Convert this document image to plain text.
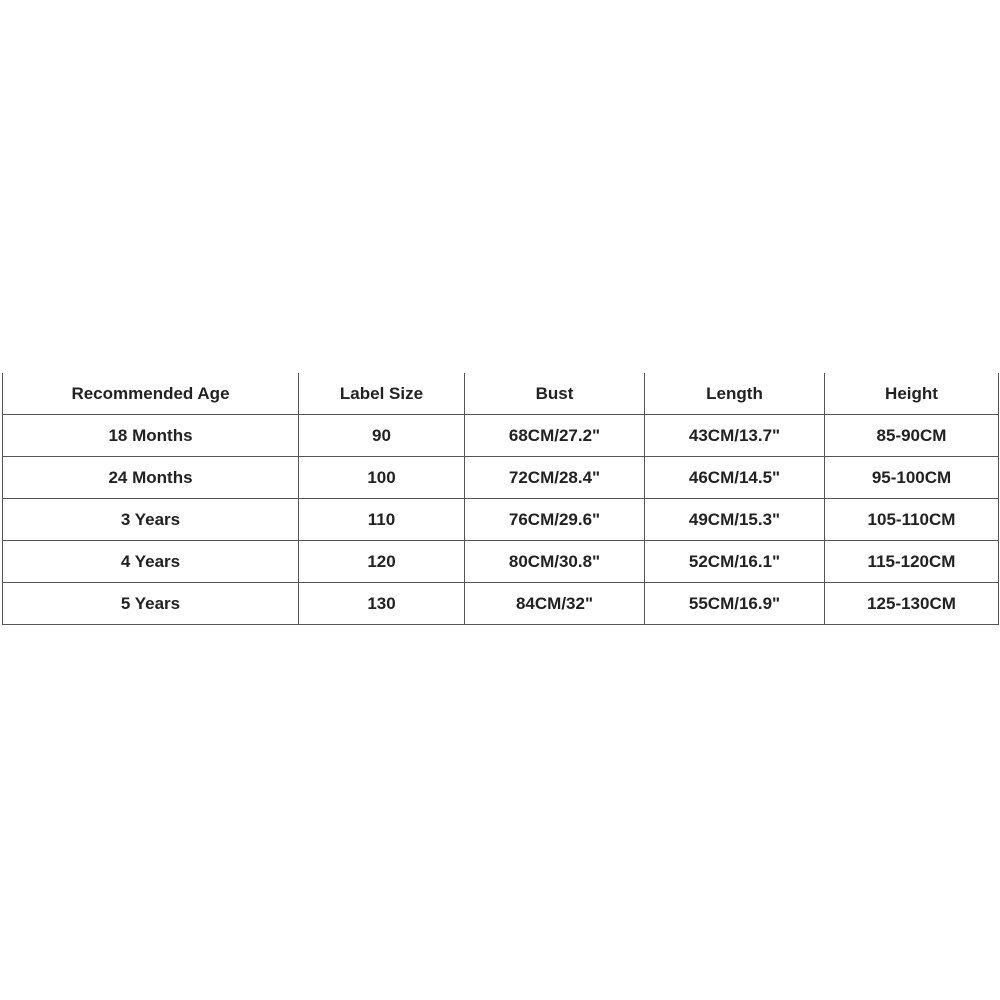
Recommended Age	Label Size	Bust	Length	Height
18 Months	90	68CM/27.2"	43CM/13.7"	85-90CM
24 Months	100	72CM/28.4"	46CM/14.5"	95-100CM
3 Years	110	76CM/29.6"	49CM/15.3"	105-110CM
4 Years	120	80CM/30.8"	52CM/16.1"	115-120CM
5 Years	130	84CM/32"	55CM/16.9"	125-130CM
